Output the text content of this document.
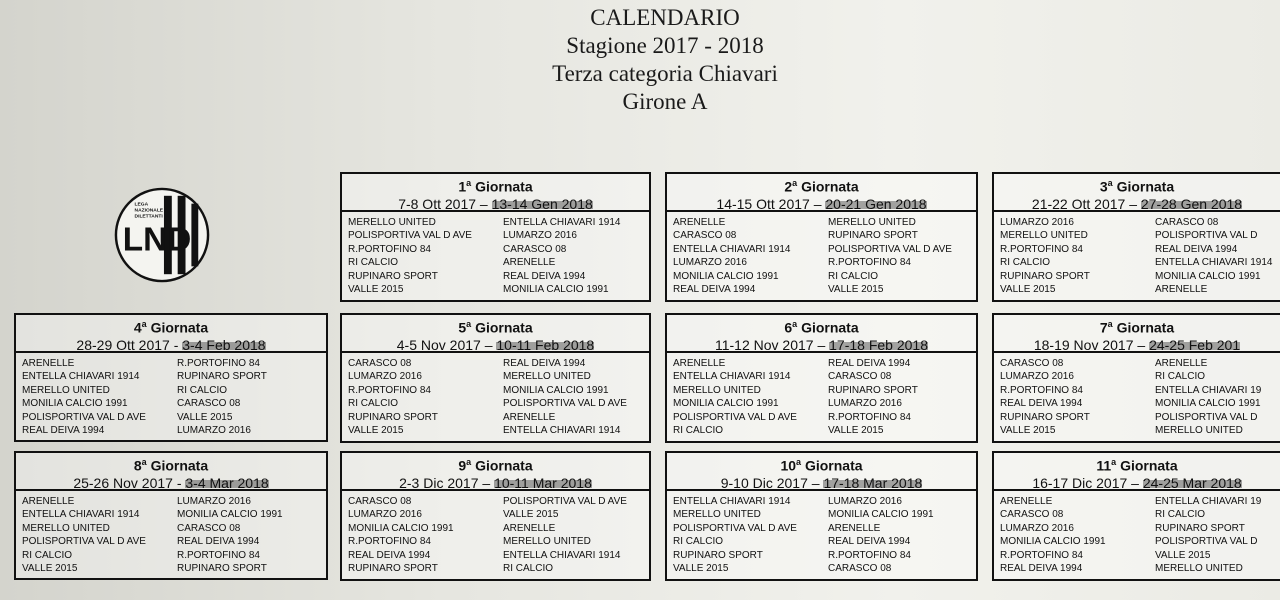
CALENDARIO
Stagione 2017 - 2018
Terza categoria Chiavari
Girone A
LEGA
NAZIONALE
DILETTANTI
LND
1$^a$ Giornata
7-8 Ott 2017 – 13-14 Gen 2018
MERELLO UNITED	ENTELLA CHIAVARI 1914
POLISPORTIVA VAL D AVE	LUMARZO 2016
R.PORTOFINO 84	CARASCO 08
RI CALCIO	ARENELLE
RUPINARO SPORT	REAL DEIVA 1994
VALLE 2015	MONILIA CALCIO 1991
2$^a$ Giornata
14-15 Ott 2017 – 20-21 Gen 2018
ARENELLE	MERELLO UNITED
CARASCO 08	RUPINARO SPORT
ENTELLA CHIAVARI 1914	POLISPORTIVA VAL D AVE
LUMARZO 2016	R.PORTOFINO 84
MONILIA CALCIO 1991	RI CALCIO
REAL DEIVA 1994	VALLE 2015
3$^a$ Giornata
21-22 Ott 2017 – 27-28 Gen 2018
LUMARZO 2016	CARASCO 08
MERELLO UNITED	POLISPORTIVA VAL D
R.PORTOFINO 84	REAL DEIVA 1994
RI CALCIO	ENTELLA CHIAVARI 1914
RUPINARO SPORT	MONILIA CALCIO 1991
VALLE 2015	ARENELLE
4$^a$ Giornata
28-29 Ott 2017 - 3-4 Feb 2018
ARENELLE	R.PORTOFINO 84
ENTELLA CHIAVARI 1914	RUPINARO SPORT
MERELLO UNITED	RI CALCIO
MONILIA CALCIO 1991	CARASCO 08
POLISPORTIVA VAL D AVE	VALLE 2015
REAL DEIVA 1994	LUMARZO 2016
5$^a$ Giornata
4-5 Nov 2017 – 10-11 Feb 2018
CARASCO 08	REAL DEIVA 1994
LUMARZO 2016	MERELLO UNITED
R.PORTOFINO 84	MONILIA CALCIO 1991
RI CALCIO	POLISPORTIVA VAL D AVE
RUPINARO SPORT	ARENELLE
VALLE 2015	ENTELLA CHIAVARI 1914
6$^a$ Giornata
11-12 Nov 2017 – 17-18 Feb 2018
ARENELLE	REAL DEIVA 1994
ENTELLA CHIAVARI 1914	CARASCO 08
MERELLO UNITED	RUPINARO SPORT
MONILIA CALCIO 1991	LUMARZO 2016
POLISPORTIVA VAL D AVE	R.PORTOFINO 84
RI CALCIO	VALLE 2015
7$^a$ Giornata
18-19 Nov 2017 – 24-25 Feb 201
CARASCO 08	ARENELLE
LUMARZO 2016	RI CALCIO
R.PORTOFINO 84	ENTELLA CHIAVARI 19
REAL DEIVA 1994	MONILIA CALCIO 1991
RUPINARO SPORT	POLISPORTIVA VAL D
VALLE 2015	MERELLO UNITED
8$^a$ Giornata
25-26 Nov 2017 - 3-4 Mar 2018
ARENELLE	LUMARZO 2016
ENTELLA CHIAVARI 1914	MONILIA CALCIO 1991
MERELLO UNITED	CARASCO 08
POLISPORTIVA VAL D AVE	REAL DEIVA 1994
RI CALCIO	R.PORTOFINO 84
VALLE 2015	RUPINARO SPORT
9$^a$ Giornata
2-3 Dic 2017 – 10-11 Mar 2018
CARASCO 08	POLISPORTIVA VAL D AVE
LUMARZO 2016	VALLE 2015
MONILIA CALCIO 1991	ARENELLE
R.PORTOFINO 84	MERELLO UNITED
REAL DEIVA 1994	ENTELLA CHIAVARI 1914
RUPINARO SPORT	RI CALCIO
10$^a$ Giornata
9-10 Dic 2017 – 17-18 Mar 2018
ENTELLA CHIAVARI 1914	LUMARZO 2016
MERELLO UNITED	MONILIA CALCIO 1991
POLISPORTIVA VAL D AVE	ARENELLE
RI CALCIO	REAL DEIVA 1994
RUPINARO SPORT	R.PORTOFINO 84
VALLE 2015	CARASCO 08
11$^a$ Giornata
16-17 Dic 2017 – 24-25 Mar 2018
ARENELLE	ENTELLA CHIAVARI 19
CARASCO 08	RI CALCIO
LUMARZO 2016	RUPINARO SPORT
MONILIA CALCIO 1991	POLISPORTIVA VAL D
R.PORTOFINO 84	VALLE 2015
REAL DEIVA 1994	MERELLO UNITED
